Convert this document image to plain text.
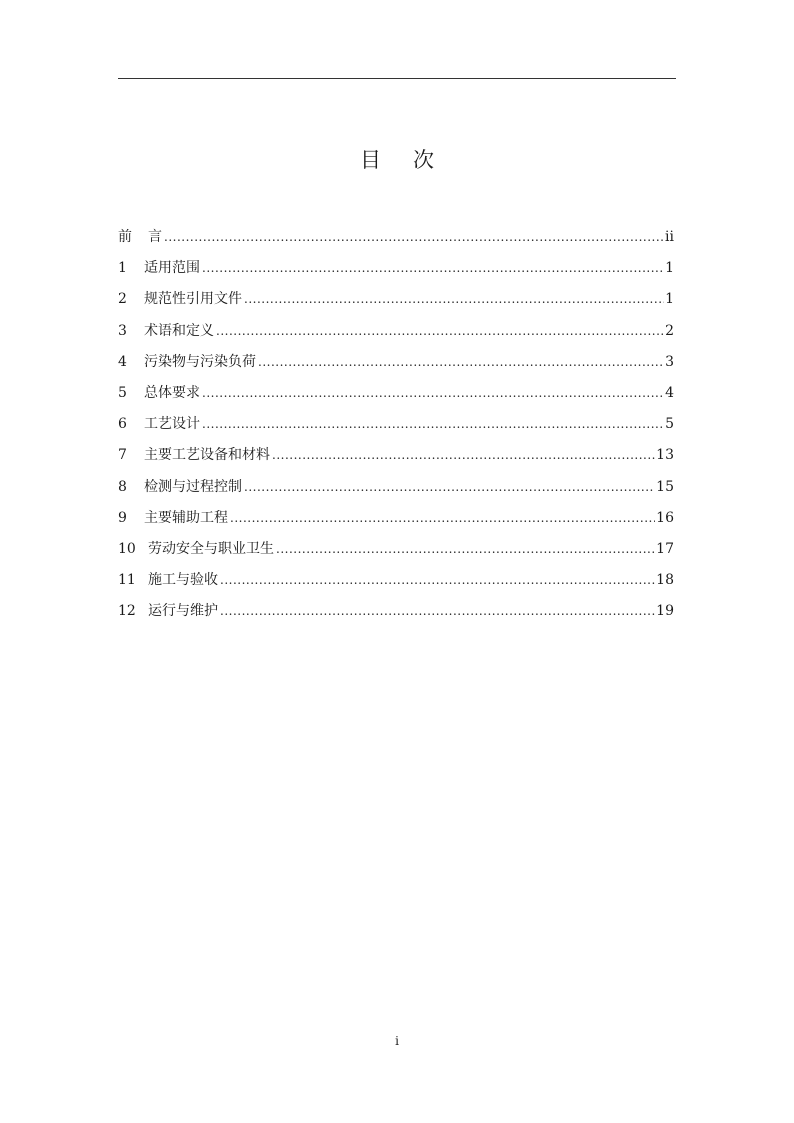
目 次
前 言 .....	ii
1	适用范围 .....	1
2	规范性引用文件 .....	1
3	术语和定义 .....	2
4	污染物与污染负荷 .....	3
5	总体要求 .....	4
6	工艺设计 .....	5
7	主要工艺设备和材料 .....	13
8	检测与过程控制 .....	15
9	主要辅助工程 .....	16
10 劳动安全与职业卫生 .....	17
11 施工与验收 .....	18
12 运行与维护 .....	19
i
